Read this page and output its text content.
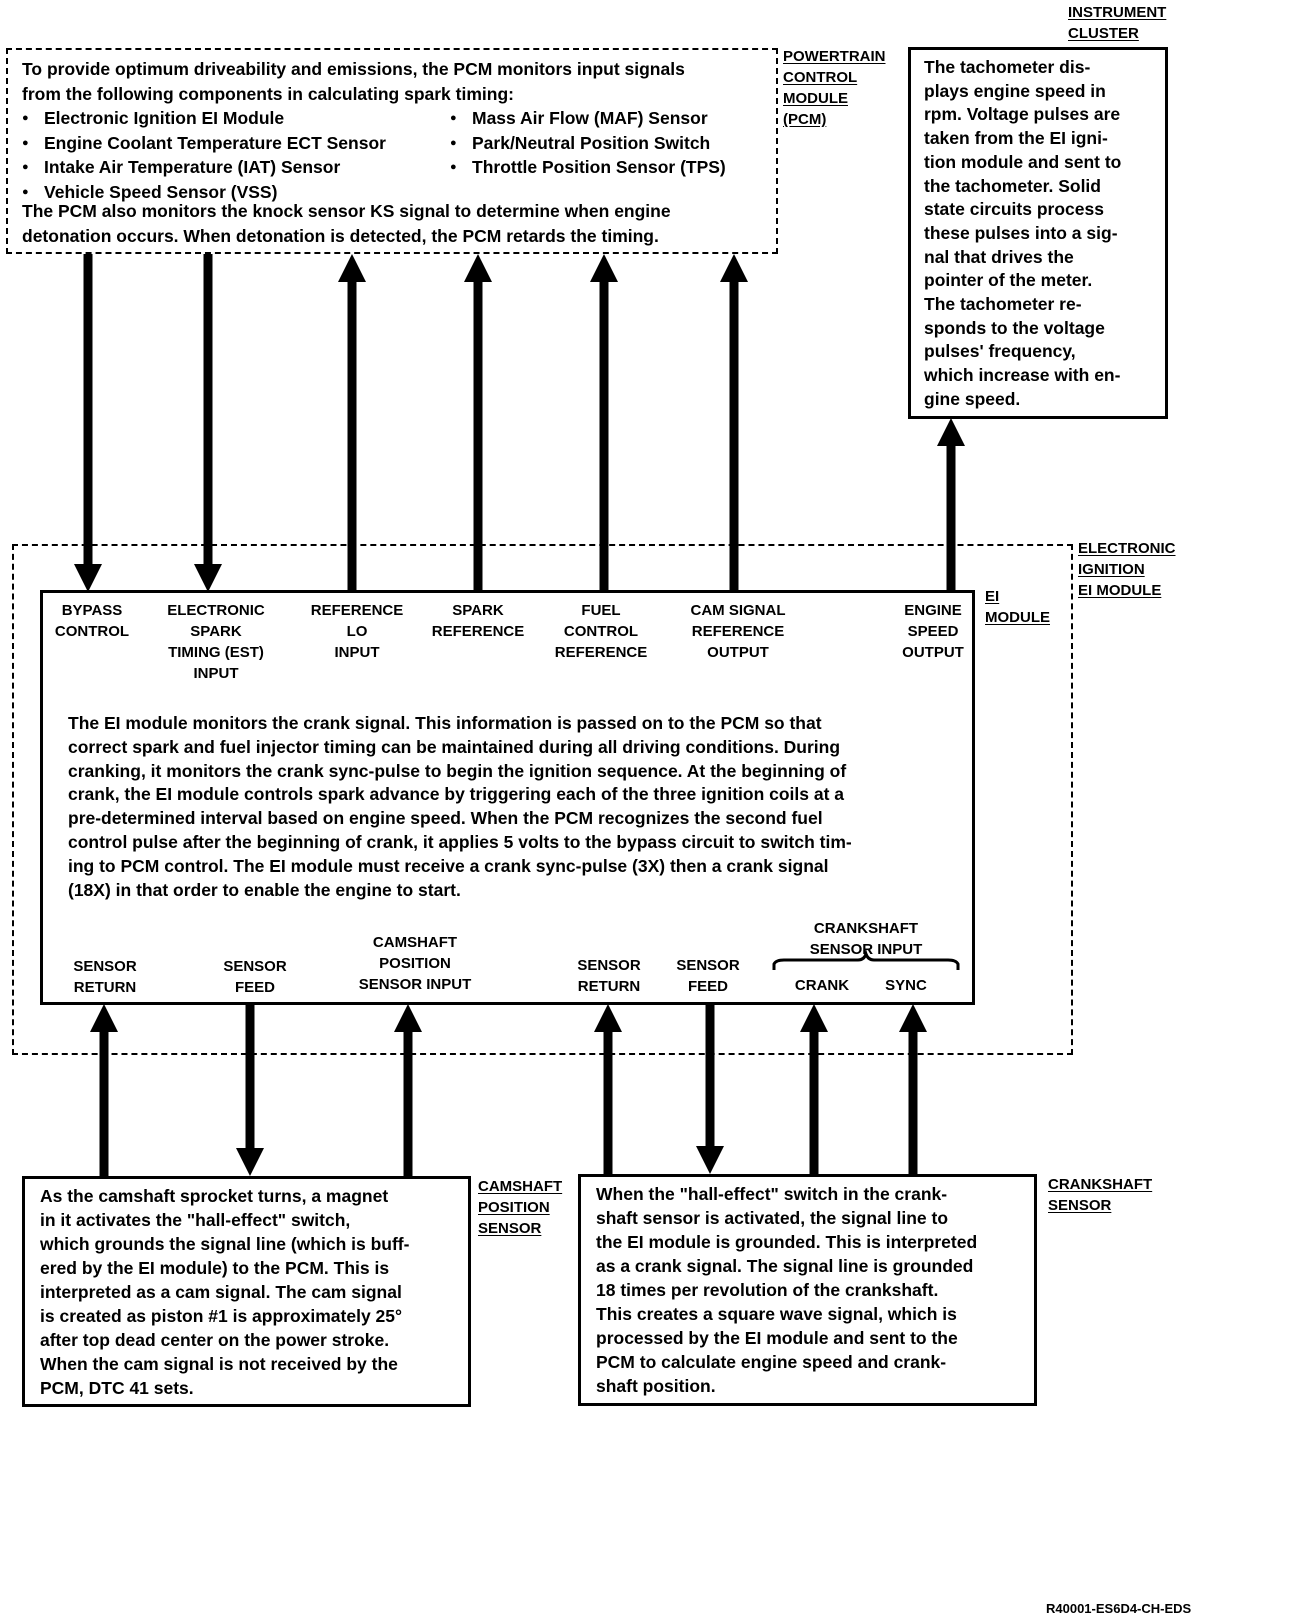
To provide optimum driveability and emissions, the PCM monitors input signals
from the following components in calculating spark timing:
● Electronic Ignition EI Module
● Engine Coolant Temperature ECT Sensor
● Intake Air Temperature (IAT) Sensor
● Vehicle Speed Sensor (VSS)
● Mass Air Flow (MAF) Sensor
● Park/Neutral Position Switch
● Throttle Position Sensor (TPS)
The PCM also monitors the knock sensor KS signal to determine when engine
detonation occurs. When detonation is detected, the PCM retards the timing.
POWERTRAIN
CONTROL
MODULE
(PCM)
INSTRUMENT
CLUSTER
The tachometer dis-
plays engine speed in
rpm. Voltage pulses are
taken from the EI igni-
tion module and sent to
the tachometer. Solid
state circuits process
these pulses into a sig-
nal that drives the
pointer of the meter.
The tachometer re-
sponds to the voltage
pulses' frequency,
which increase with en-
gine speed.
ELECTRONIC
IGNITION
EI MODULE
EI
MODULE
BYPASS
CONTROL
ELECTRONIC
SPARK
TIMING (EST)
INPUT
REFERENCE
LO
INPUT
SPARK
REFERENCE
FUEL
CONTROL
REFERENCE
CAM SIGNAL
REFERENCE
OUTPUT
ENGINE
SPEED
OUTPUT
The EI module monitors the crank signal. This information is passed on to the PCM so that
correct spark and fuel injector timing can be maintained during all driving conditions. During
cranking, it monitors the crank sync-pulse to begin the ignition sequence. At the beginning of
crank, the EI module controls spark advance by triggering each of the three ignition coils at a
pre-determined interval based on engine speed. When the PCM recognizes the second fuel
control pulse after the beginning of crank, it applies 5 volts to the bypass circuit to switch tim-
ing to PCM control. The EI module must receive a crank sync-pulse (3X) then a crank signal
(18X) in that order to enable the engine to start.
SENSOR
RETURN
SENSOR
FEED
CAMSHAFT
POSITION
SENSOR INPUT
SENSOR
RETURN
SENSOR
FEED
CRANKSHAFT
SENSOR INPUT
CRANK SYNC
As the camshaft sprocket turns, a magnet
in it activates the "hall-effect" switch,
which grounds the signal line (which is buff-
ered by the EI module) to the PCM. This is
interpreted as a cam signal. The cam signal
is created as piston #1 is approximately 25°
after top dead center on the power stroke.
When the cam signal is not received by the
PCM, DTC 41 sets.
CAMSHAFT
POSITION
SENSOR
When the "hall-effect" switch in the crank-
shaft sensor is activated, the signal line to
the EI module is grounded. This is interpreted
as a crank signal. The signal line is grounded
18 times per revolution of the crankshaft.
This creates a square wave signal, which is
processed by the EI module and sent to the
PCM to calculate engine speed and crank-
shaft position.
CRANKSHAFT
SENSOR
R40001-ES6D4-CH-EDS
